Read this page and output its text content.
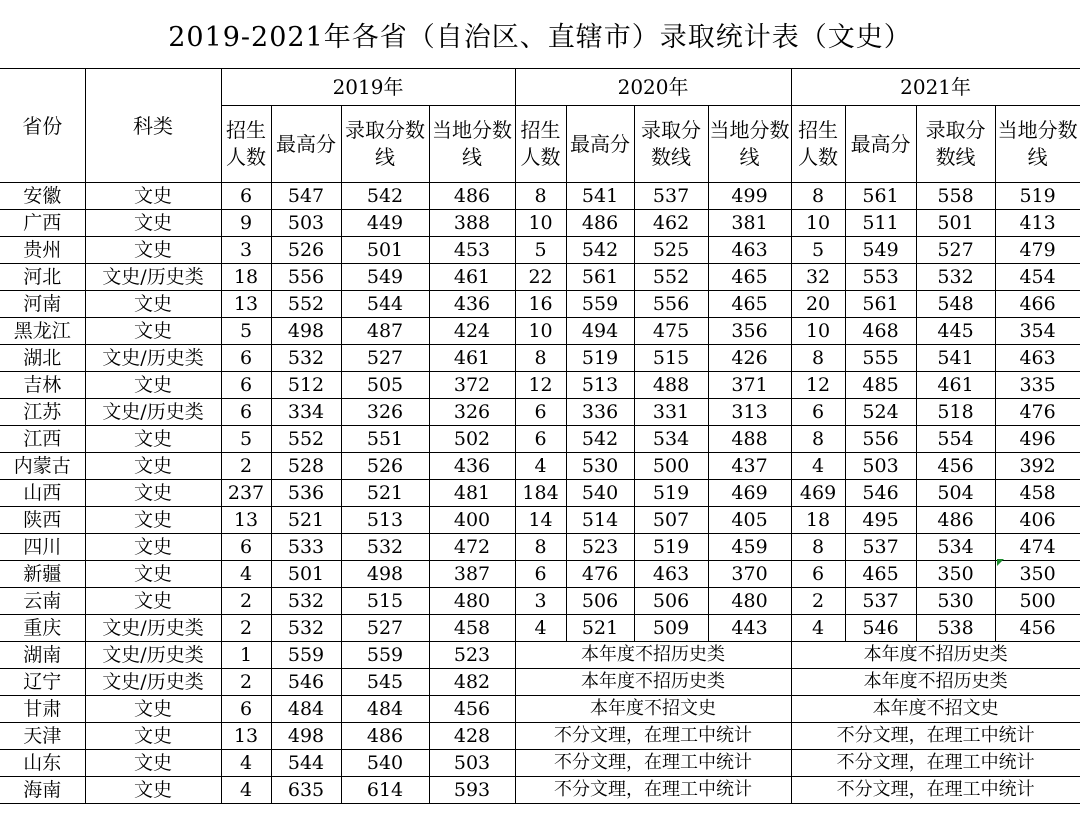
2019-2021年各省（自治区、直辖市）录取统计表（文史）
省份	科类	2019年				2020年				2021年			
		招生人数	最高分	录取分数线	当地分数线	招生人数	最高分	录取分数线	当地分数线	招生人数	最高分	录取分数线	当地分数线
安徽	文史	6	547	542	486	8	541	537	499	8	561	558	519
广西	文史	9	503	449	388	10	486	462	381	10	511	501	413
贵州	文史	3	526	501	453	5	542	525	463	5	549	527	479
河北	文史/历史类	18	556	549	461	22	561	552	465	32	553	532	454
河南	文史	13	552	544	436	16	559	556	465	20	561	548	466
黑龙江	文史	5	498	487	424	10	494	475	356	10	468	445	354
湖北	文史/历史类	6	532	527	461	8	519	515	426	8	555	541	463
吉林	文史	6	512	505	372	12	513	488	371	12	485	461	335
江苏	文史/历史类	6	334	326	326	6	336	331	313	6	524	518	476
江西	文史	5	552	551	502	6	542	534	488	8	556	554	496
内蒙古	文史	2	528	526	436	4	530	500	437	4	503	456	392
山西	文史	237	536	521	481	184	540	519	469	469	546	504	458
陕西	文史	13	521	513	400	14	514	507	405	18	495	486	406
四川	文史	6	533	532	472	8	523	519	459	8	537	534	474
新疆	文史	4	501	498	387	6	476	463	370	6	465	350	350
云南	文史	2	532	515	480	3	506	506	480	2	537	530	500
重庆	文史/历史类	2	532	527	458	4	521	509	443	4	546	538	456
湖南	文史/历史类	1	559	559	523	本年度不招历史类				本年度不招历史类			
辽宁	文史/历史类	2	546	545	482	本年度不招历史类				本年度不招历史类			
甘肃	文史	6	484	484	456	本年度不招文史				本年度不招文史			
天津	文史	13	498	486	428	不分文理，在理工中统计				不分文理，在理工中统计			
山东	文史	4	544	540	503	不分文理，在理工中统计				不分文理，在理工中统计			
海南	文史	4	635	614	593	不分文理，在理工中统计				不分文理，在理工中统计			
